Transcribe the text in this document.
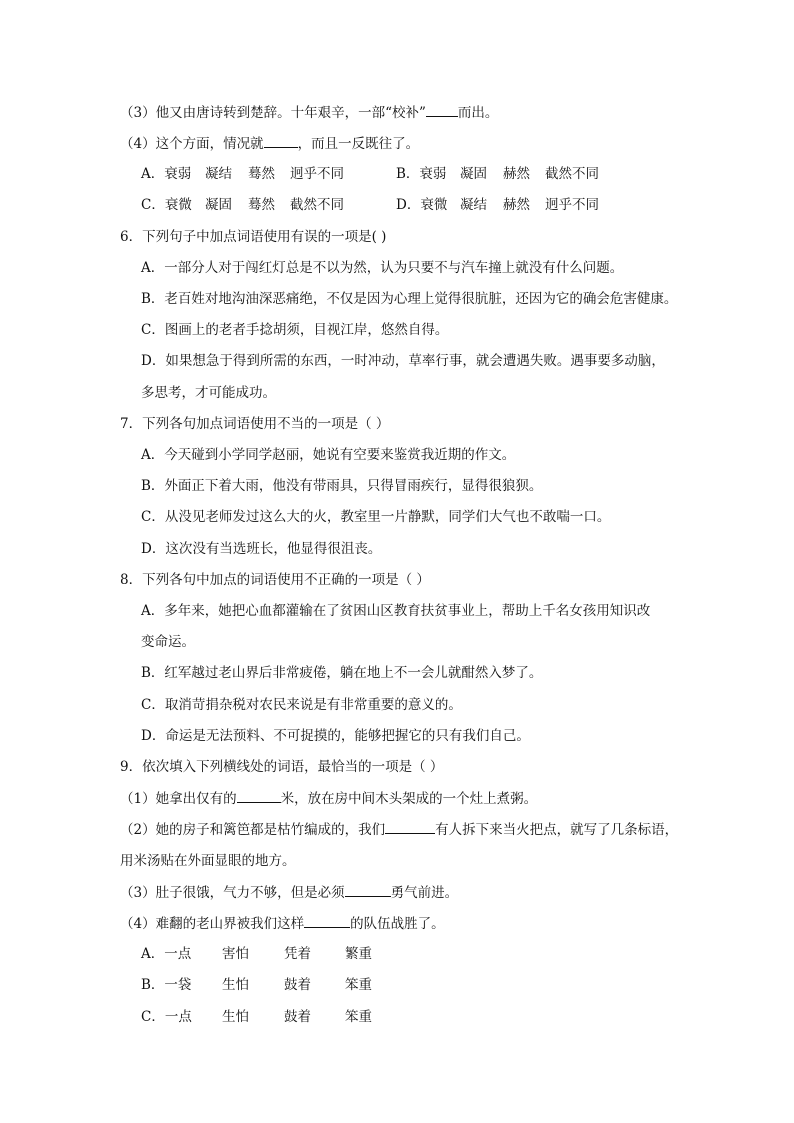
（3）他又由唐诗转到楚辞。十年艰辛，一部“校补” 而出。
（4）这个方面，情况就	，而且一反既往了。
A．衰弱 凝结 蓦然 迥乎不同	B．衰弱 凝固 赫然 截然不同
C．衰微 凝固 蓦然 截然不同	D．衰微 凝结 赫然 迥乎不同
6．下列句子中加点词语使用有误的一项是( )
A．一部分人对于闯红灯总是不以为然，认为只要不与汽车撞上就没有什么问题。
B．老百姓对地沟油深恶痛绝，不仅是因为心理上觉得很肮脏，还因为它的确会危害健康。
C．图画上的老者手捻胡须，目视江岸，悠然自得。
D．如果想急于得到所需的东西，一时冲动，草率行事，就会遭遇失败。遇事要多动脑，
多思考，才可能成功。
7．下列各句加点词语使用不当的一项是（ ）
A．今天碰到小学同学赵丽，她说有空要来鉴赏我近期的作文。
B．外面正下着大雨，他没有带雨具，只得冒雨疾行，显得很狼狈。
C．从没见老师发过这么大的火，教室里一片静默，同学们大气也不敢喘一口。
D．这次没有当选班长，他显得很沮丧。
8．下列各句中加点的词语使用不正确的一项是（ ）
A．多年来，她把心血都灌输在了贫困山区教育扶贫事业上，帮助上千名女孩用知识改
变命运。
B．红军越过老山界后非常疲倦，躺在地上不一会儿就酣然入梦了。
C．取消苛捐杂税对农民来说是有非常重要的意义的。
D．命运是无法预料、不可捉摸的，能够把握它的只有我们自己。
9．依次填入下列横线处的词语，最恰当的一项是（ ）
（1）她拿出仅有的	米，放在房中间木头架成的一个灶上煮粥。
（2）她的房子和篱笆都是枯竹编成的，我们	有人拆下来当火把点，就写了几条标语，
用米汤贴在外面显眼的地方。
（3）肚子很饿，气力不够，但是必须	勇气前进。
（4）难翻的老山界被我们这样	的队伍战胜了。
A．一点 害怕	凭着	繁重
B．一袋 生怕	鼓着	笨重
C．一点 生怕	鼓着	笨重
